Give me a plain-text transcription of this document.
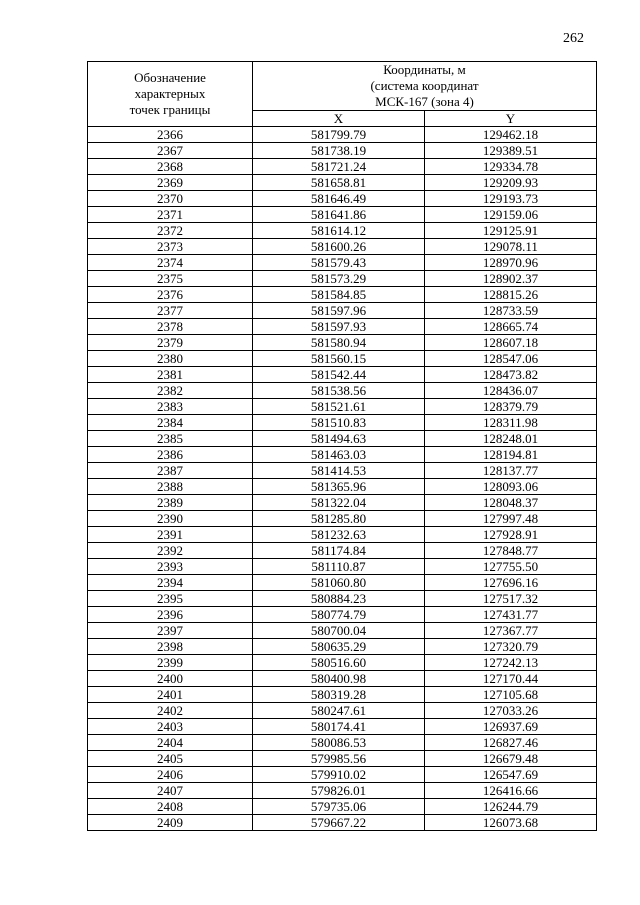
262
Обозначение
характерных
точек границы	Координаты, м
(система координат
МСК-167 (зона 4)	

	X	Y
2366	581799.79	129462.18
2367	581738.19	129389.51
2368	581721.24	129334.78
2369	581658.81	129209.93
2370	581646.49	129193.73
2371	581641.86	129159.06
2372	581614.12	129125.91
2373	581600.26	129078.11
2374	581579.43	128970.96
2375	581573.29	128902.37
2376	581584.85	128815.26
2377	581597.96	128733.59
2378	581597.93	128665.74
2379	581580.94	128607.18
2380	581560.15	128547.06
2381	581542.44	128473.82
2382	581538.56	128436.07
2383	581521.61	128379.79
2384	581510.83	128311.98
2385	581494.63	128248.01
2386	581463.03	128194.81
2387	581414.53	128137.77
2388	581365.96	128093.06
2389	581322.04	128048.37
2390	581285.80	127997.48
2391	581232.63	127928.91
2392	581174.84	127848.77
2393	581110.87	127755.50
2394	581060.80	127696.16
2395	580884.23	127517.32
2396	580774.79	127431.77
2397	580700.04	127367.77
2398	580635.29	127320.79
2399	580516.60	127242.13
2400	580400.98	127170.44
2401	580319.28	127105.68
2402	580247.61	127033.26
2403	580174.41	126937.69
2404	580086.53	126827.46
2405	579985.56	126679.48
2406	579910.02	126547.69
2407	579826.01	126416.66
2408	579735.06	126244.79
2409	579667.22	126073.68
